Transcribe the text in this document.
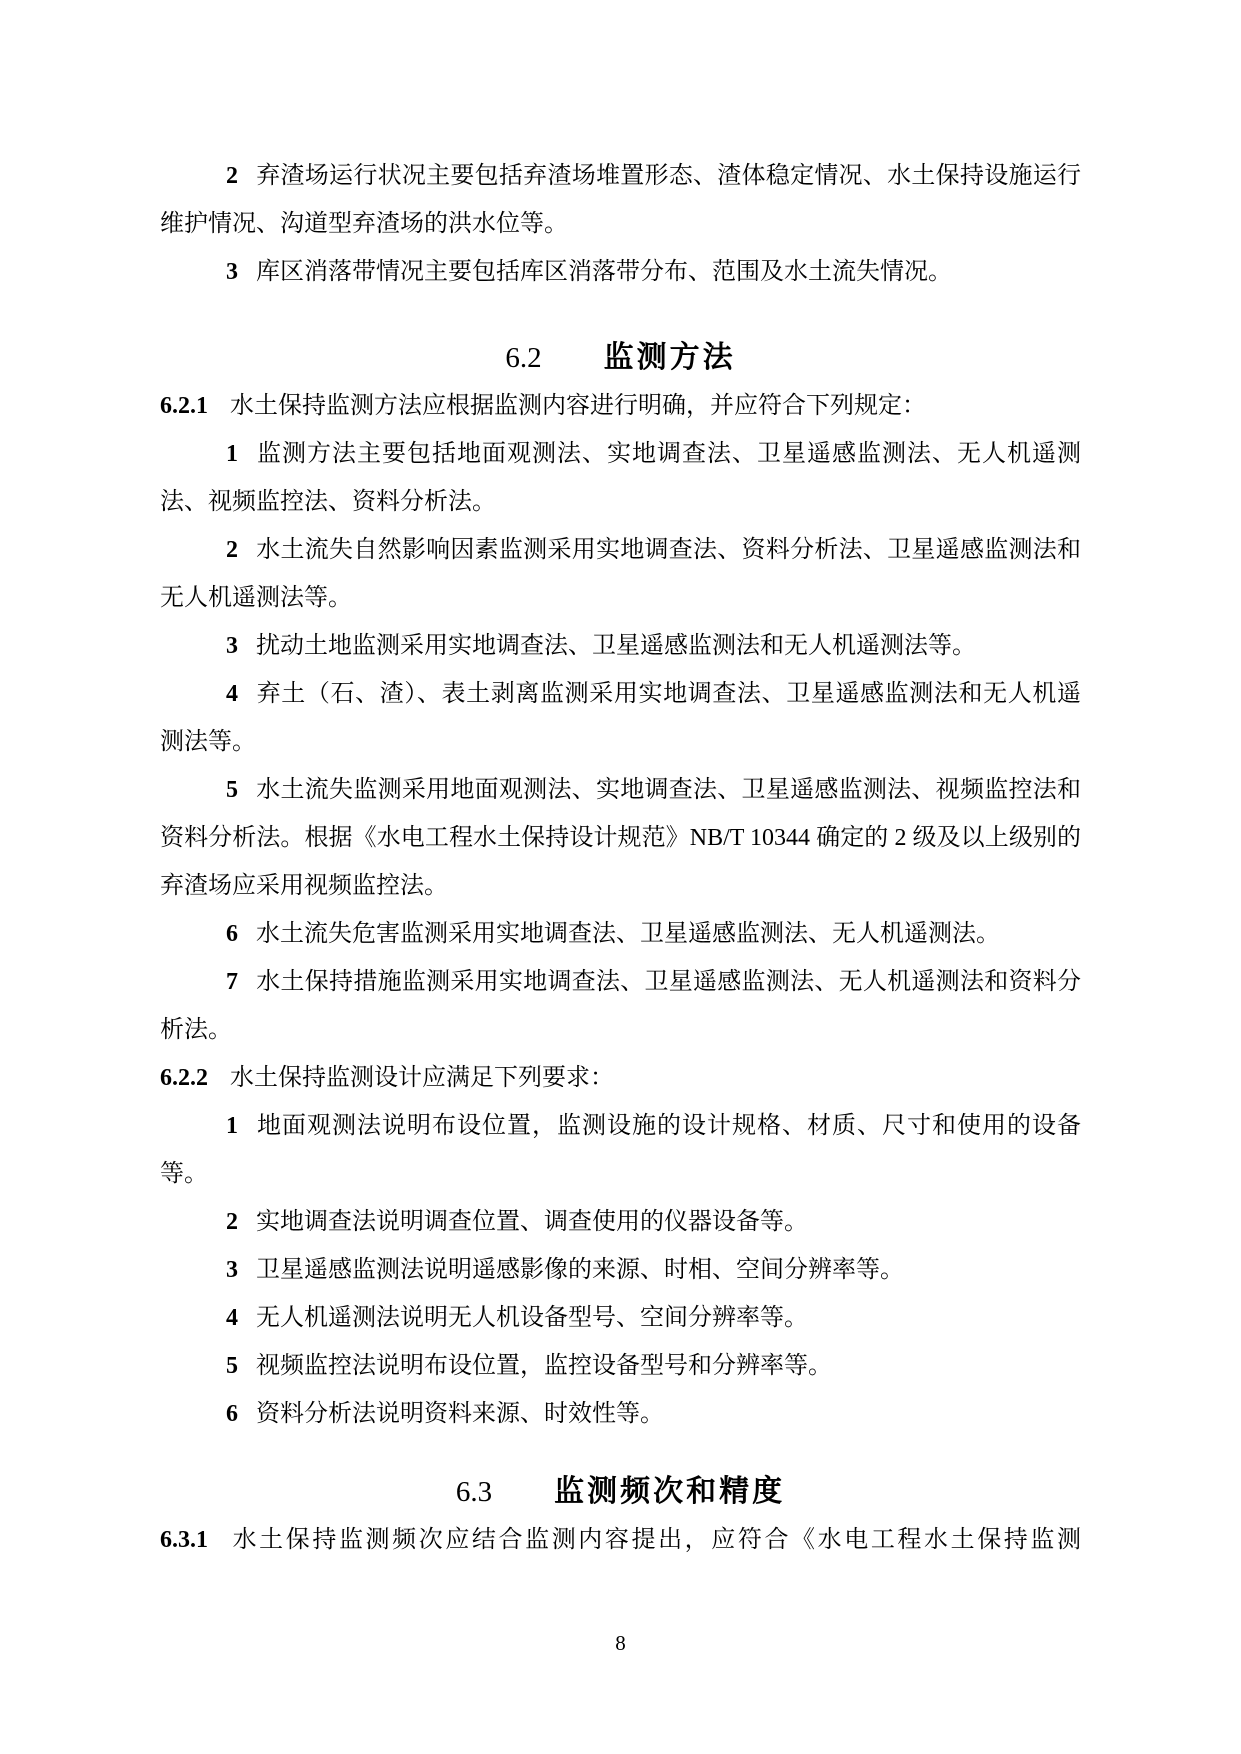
2 弃渣场运行状况主要包括弃渣场堆置形态、渣体稳定情况、水土保持设施运行维护情况、沟道型弃渣场的洪水位等。

3 库区消落带情况主要包括库区消落带分布、范围及水土流失情况。

6.2 监测方法

6.2.1 水土保持监测方法应根据监测内容进行明确，并应符合下列规定：

1 监测方法主要包括地面观测法、实地调查法、卫星遥感监测法、无人机遥测法、视频监控法、资料分析法。

2 水土流失自然影响因素监测采用实地调查法、资料分析法、卫星遥感监测法和无人机遥测法等。

3 扰动土地监测采用实地调查法、卫星遥感监测法和无人机遥测法等。

4 弃土（石、渣）、表土剥离监测采用实地调查法、卫星遥感监测法和无人机遥测法等。

5 水土流失监测采用地面观测法、实地调查法、卫星遥感监测法、视频监控法和资料分析法。根据《水电工程水土保持设计规范》NB/T 10344 确定的 2 级及以上级别的弃渣场应采用视频监控法。

6 水土流失危害监测采用实地调查法、卫星遥感监测法、无人机遥测法。

7 水土保持措施监测采用实地调查法、卫星遥感监测法、无人机遥测法和资料分析法。

6.2.2 水土保持监测设计应满足下列要求：

1 地面观测法说明布设位置，监测设施的设计规格、材质、尺寸和使用的设备等。

2 实地调查法说明调查位置、调查使用的仪器设备等。

3 卫星遥感监测法说明遥感影像的来源、时相、空间分辨率等。

4 无人机遥测法说明无人机设备型号、空间分辨率等。

5 视频监控法说明布设位置，监控设备型号和分辨率等。

6 资料分析法说明资料来源、时效性等。

6.3 监测频次和精度

6.3.1 水土保持监测频次应结合监测内容提出，应符合《水电工程水土保持监测

8
